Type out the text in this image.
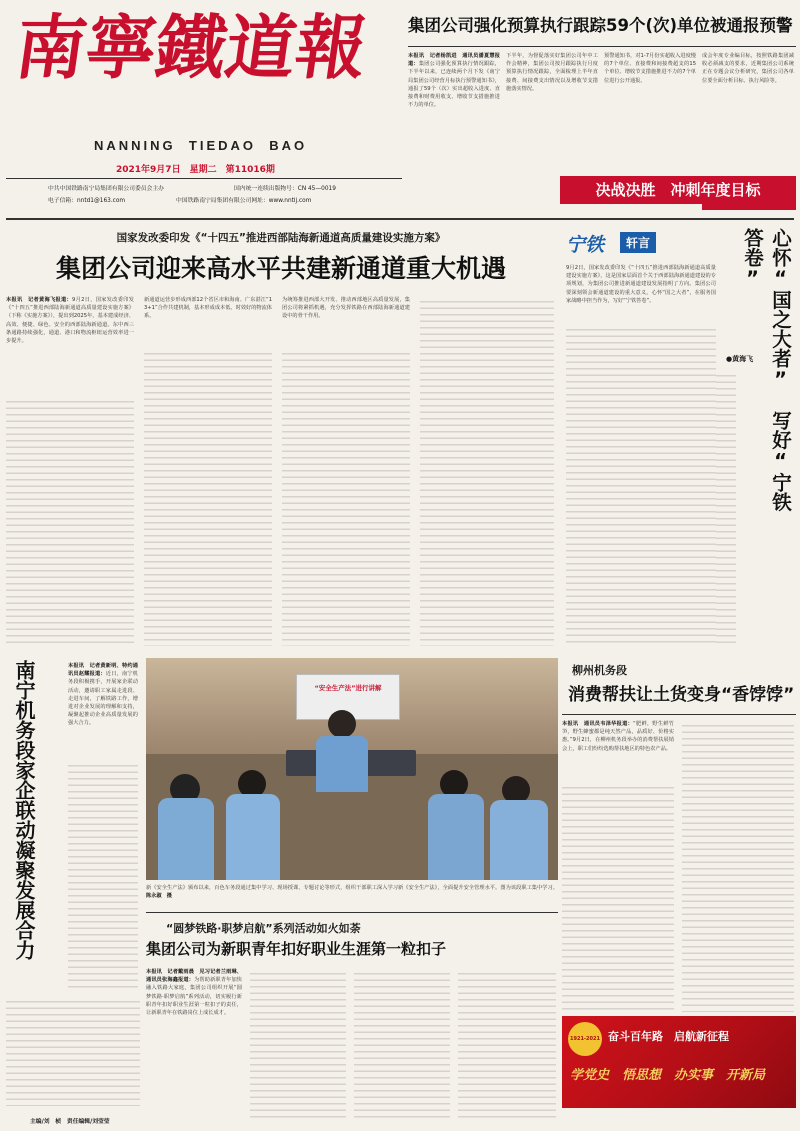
南寧鐵道報
NANNING  TIEDAO  BAO
2021年9月7日　星期二　第11016期
中共中国铁路南宁局集团有限公司委员会主办	国内统一连续出版物号：CN 45—0019
电子信箱：nntd1@163.com	中国铁路南宁局集团有限公司网址：www.nntlj.com
集团公司强化预算执行跟踪59个(次)单位被通报预警
本报讯　记者杨凯进　通讯员潘夏慧报道：集团公司强化预算执行情况跟踪，下半年以来，已连续两个月下发《南宁局集团公司经营月标执行预警通知书》，通报了59个（次）实出超收入进度、直接费和财费用收支、增收节支措施推进不力的单位。
下半年，为督促落实好集团公司年中工作会精神，集团公司按月跟踪执行月度预算执行情况跟踪，全面梳理上半年直接费、间接费支出情况以及增收节支措施落实情况。
预警通知书，对1-7月份实超收入进度慢的7个单位、直接费和间接费超支的15个单位、增收节支措施推进不力的7个单位进行公开通报。
成会年度专业编目标，按照铁路集团减收必须减支的要求，近期集团公司系统正在专题会议分析研究，集团公司各单位要全面分析目标、执行风险等。
决战决胜　冲刺年度目标
国家发改委印发《“十四五”推进西部陆海新通道高质量建设实施方案》
集团公司迎来高水平共建新通道重大机遇
本报讯　记者黄海飞报道：9月2日，国家发改委印发《“十四五”推进西部陆海新通道高质量建设实施方案》（下称《实施方案》），提出到2025年，基本建成经济、高效、便捷、绿色、安全的西部陆海新通道。东中西三条通路持续强化，通道、港口和物流枢纽运营效率进一步提升。
新通道运营步形成西部12个省区市和海南、广东湛江“13+1”合作共建机制，基本形成成本低、时效好的物流体系。
为统筹推进西部大开发、推动西部地区高质量发展，集团公司将紧抓机遇，充分发挥铁路在西部陆海新通道建设中的骨干作用。
宁铁	轩言	心怀“国之大者”　写好“宁铁答卷”
●黄海飞
9月2日，国家发改委印发《“十四五”推进西部陆海新通道高质量建设实施方案》，这是国家层面首个关于西部陆海新通道建设的专项规划，为集团公司推进新通道建设发展指明了方向。集团公司要深刻领会新通道建设的重大意义，心怀“国之大者”，在服务国家战略中担当作为，写好“宁铁答卷”。
南宁机务段家企联动凝聚发展合力	本报讯　记者黄新明、特约通讯员赵耀报道：近日，南宁机务段积极携手，开展家企联动活动，邀请职工家属走进段、走进车间，了解铁路工作，增进对企业发展的理解和支持，凝聚起推动企业高质量发展的强大合力。
“安全生产法”进行讲解
新《安全生产法》颁布以来，百色车务段通过集中学习、现场授课、专题讨论等形式，组织干部职工深入学习新《安全生产法》，全面提升安全管理水平。图为该段职工集中学习。 陈永淑　摄
柳州机务段
消费帮扶让土货变身“香饽饽”
本报讯　通讯员韦泽华报道：“肥鲜，野生鲜竹笋，野生蜂蜜都是纯天然产品，品质好、价格实惠。”9月2日，在柳州机务段举办的消费帮扶展销会上，职工们纷纷选购帮扶地区的特色农产品。
1921-2021 奋斗百年路　启航新征程
学党史　悟思想　办实事　开新局
“圆梦铁路·职梦启航”系列活动如火如荼
集团公司为新职青年扣好职业生涯第一粒扣子
本报讯　记者戴雨晨　见习记者兰雨琳、通讯员张海鑫报道：为帮助新职青年加快融入铁路大家庭，集团公司组织开展“圆梦铁路·职梦启航”系列活动，切实履行新职青年扣好职业生涯第一粒扣子的责任，让新职青年在铁路岗位上成长成才。
主编/刘　桢　责任编辑/刘莹莹
